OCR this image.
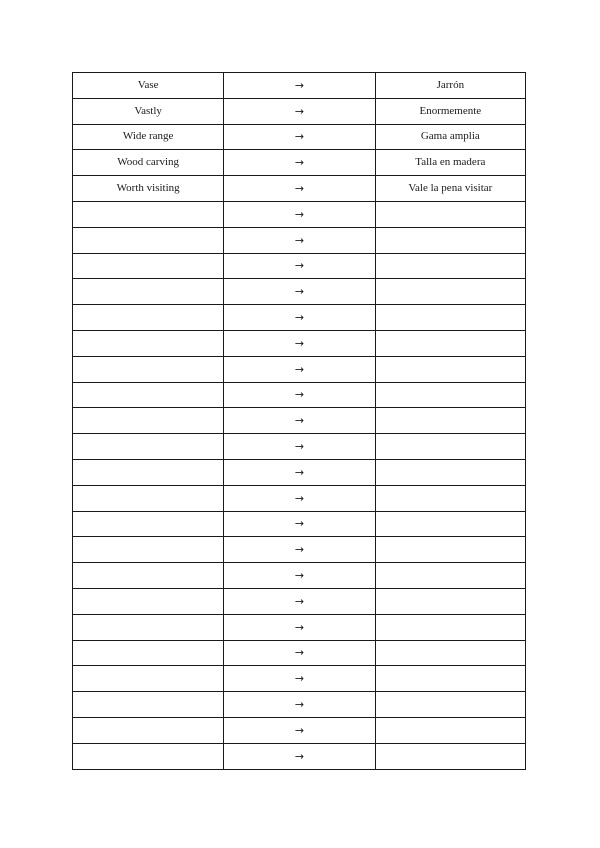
Vase	→	Jarrón
Vastly	→	Enormemente
Wide range	→	Gama amplia
Wood carving	→	Talla en madera
Worth visiting	→	Vale la pena visitar
	→	
	→	
	→	
	→	
	→	
	→	
	→	
	→	
	→	
	→	
	→	
	→	
	→	
	→	
	→	
	→	
	→	
	→	
	→	
	→	
	→	
	→	
